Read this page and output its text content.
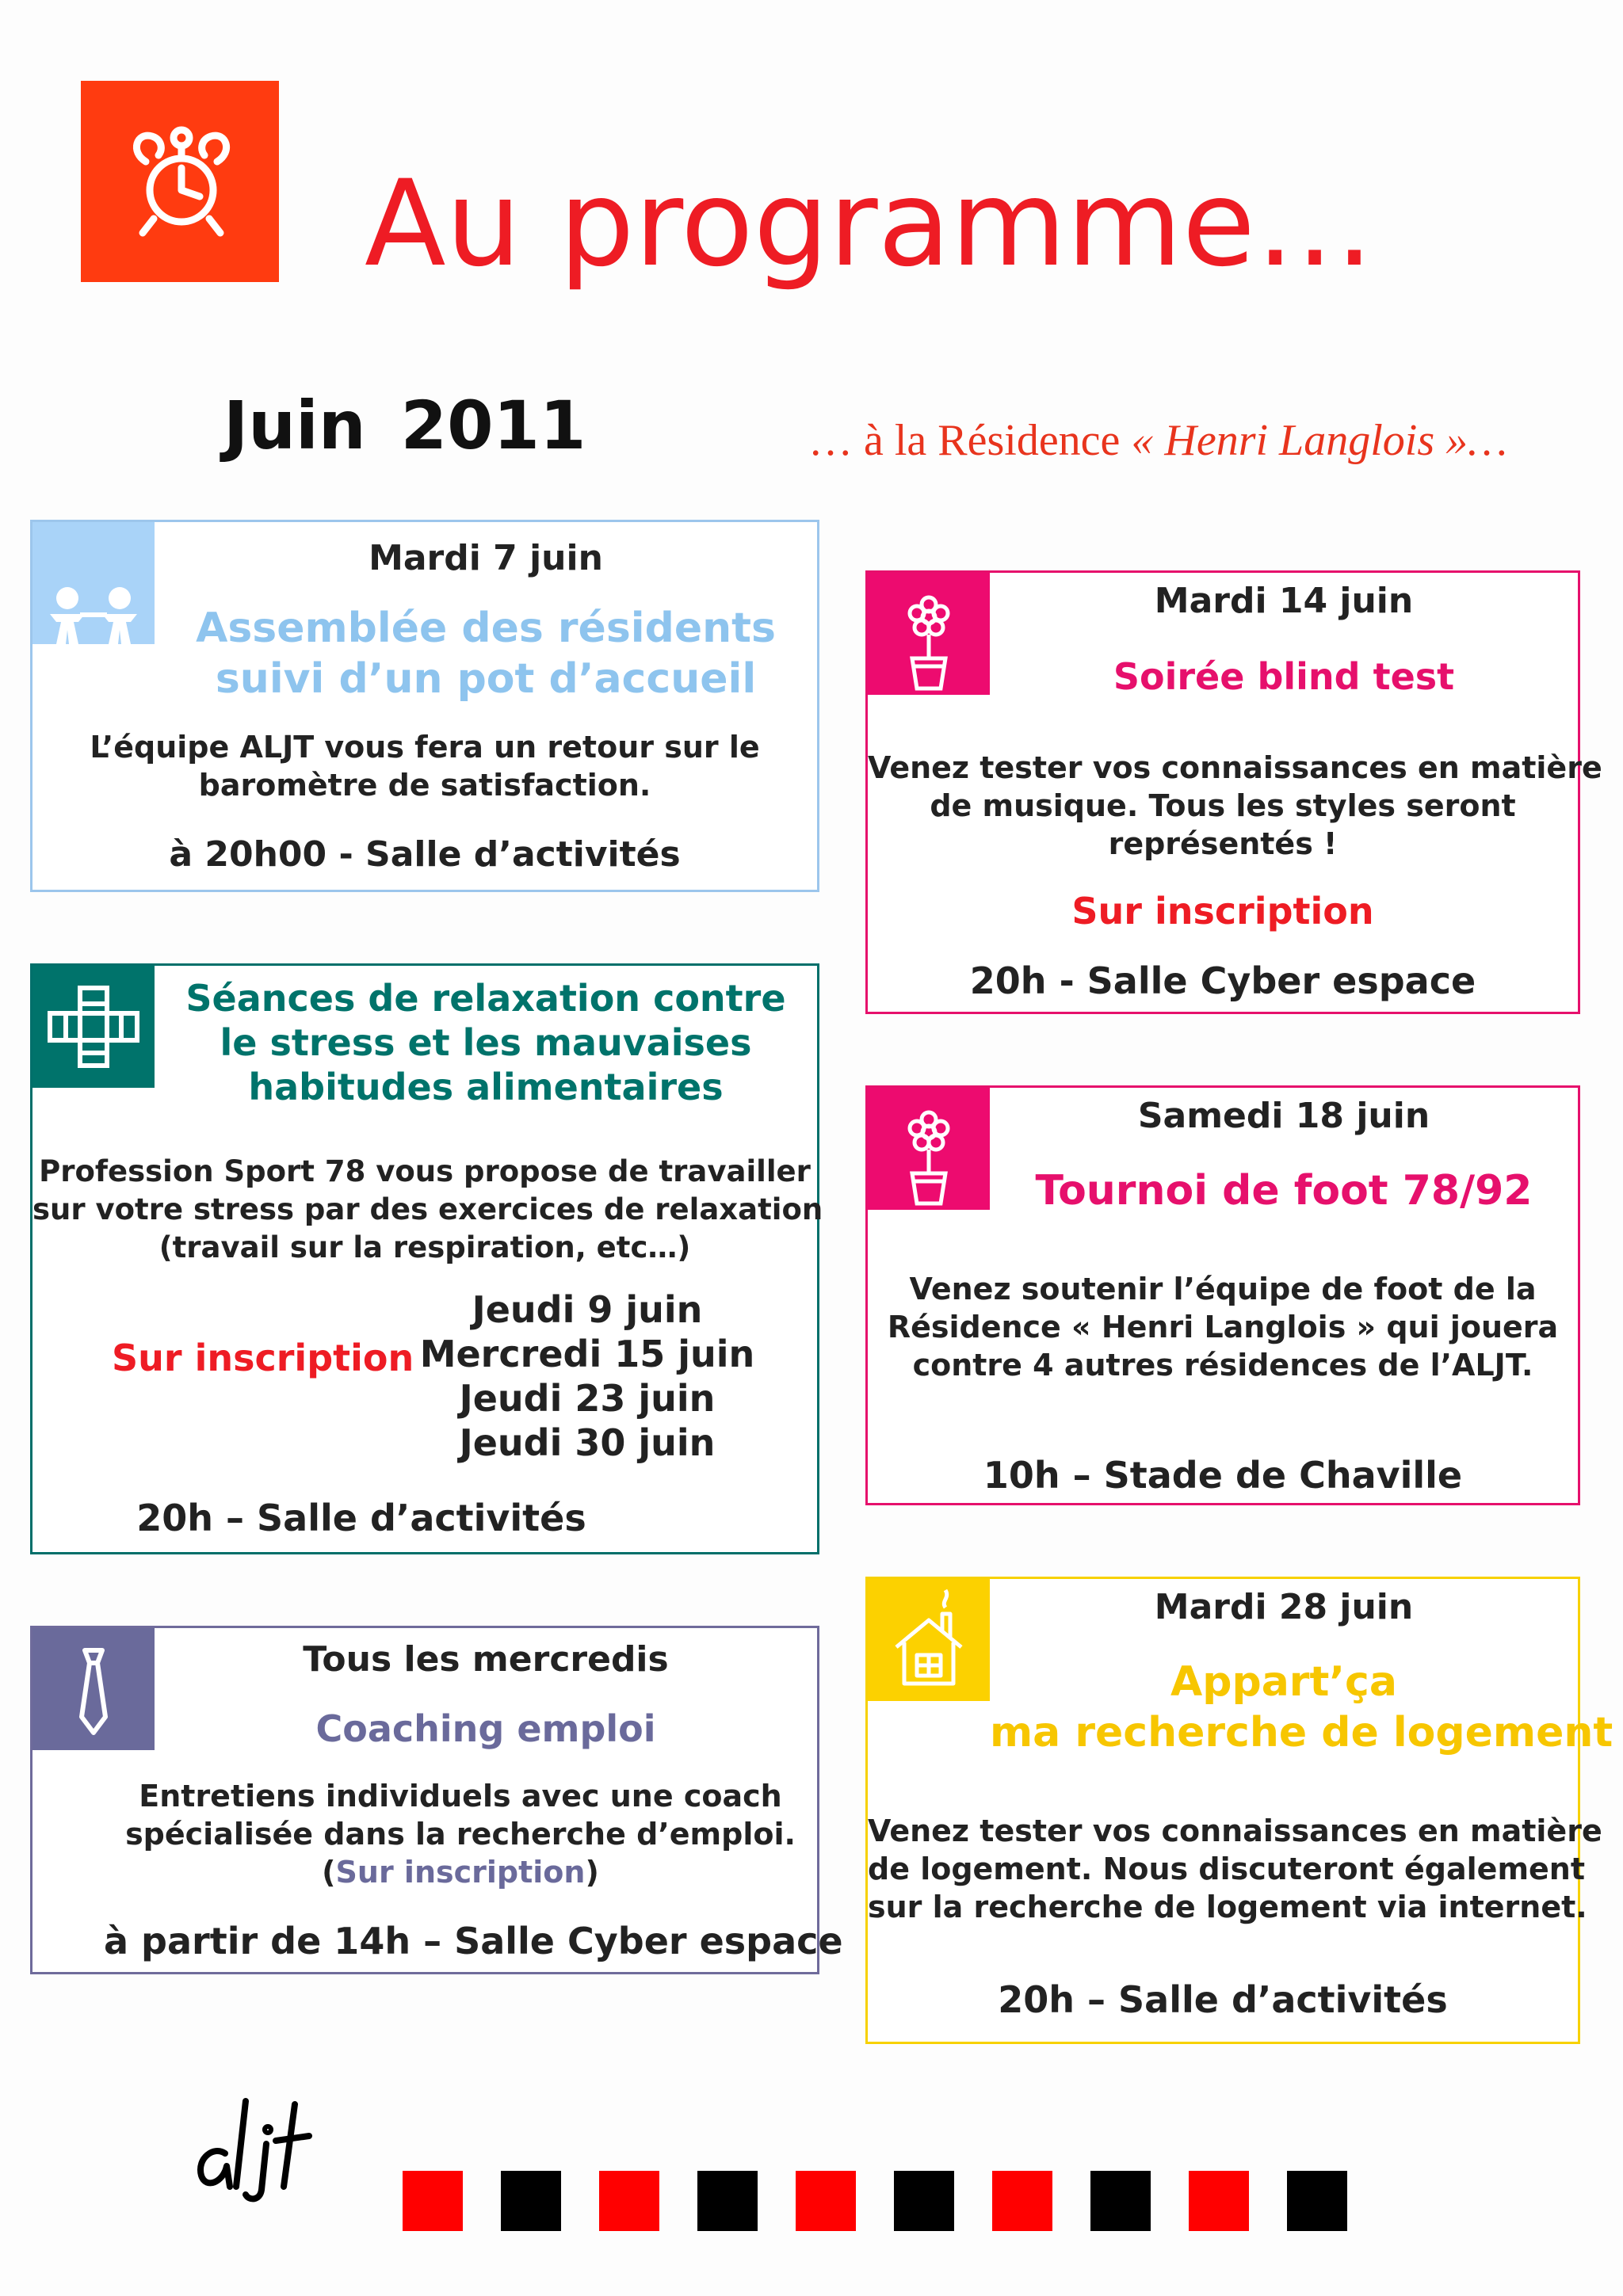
Au programme…
Juin 2011	… à la Résidence « Henri Langlois »…
Mardi 7 juin
Assemblée des résidents
suivi d’un pot d’accueil
L’équipe ALJT vous fera un retour sur le
baromètre de satisfaction.
à 20h00 - Salle d’activités
Séances de relaxation contre
le stress et les mauvaises
habitudes alimentaires
Profession Sport 78 vous propose de travailler
sur votre stress par des exercices de relaxation
(travail sur la respiration, etc…)
Sur inscription
Jeudi 9 juin
Mercredi 15 juin
Jeudi 23 juin
Jeudi 30 juin
20h – Salle d’activités
Tous les mercredis
Coaching emploi
Entretiens individuels avec une coach
spécialisée dans la recherche d’emploi.
(Sur inscription)
à partir de 14h – Salle Cyber espace
Mardi 14 juin
Soirée blind test
Venez tester vos connaissances en matière
de musique. Tous les styles seront
représentés !
Sur inscription
20h - Salle Cyber espace
Samedi 18 juin
Tournoi de foot 78/92
Venez soutenir l’équipe de foot de la
Résidence « Henri Langlois » qui jouera
contre 4 autres résidences de l’ALJT.
10h – Stade de Chaville
Mardi 28 juin
Appart’ça
ma recherche de logement
Venez tester vos connaissances en matière
de logement. Nous discuteront également
sur la recherche de logement via internet.
20h – Salle d’activités
